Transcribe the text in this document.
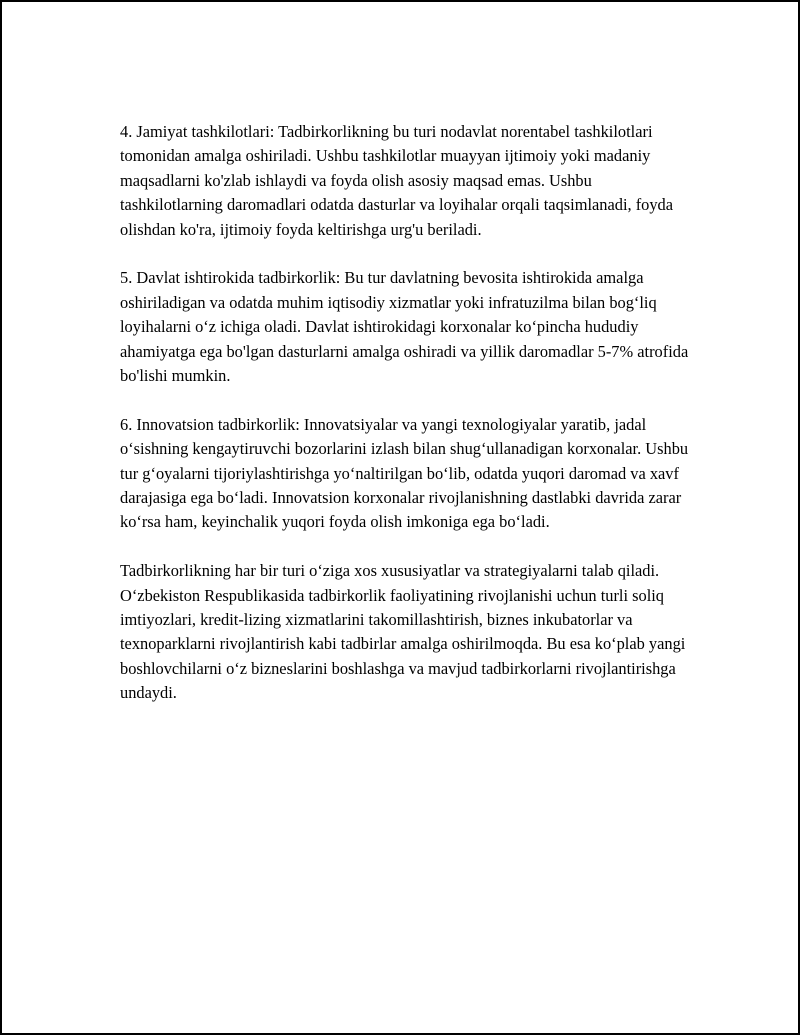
4. Jamiyat tashkilotlari: Tadbirkorlikning bu turi nodavlat norentabel tashkilotlari tomonidan amalga oshiriladi. Ushbu tashkilotlar muayyan ijtimoiy yoki madaniy maqsadlarni ko'zlab ishlaydi va foyda olish asosiy maqsad emas. Ushbu tashkilotlarning daromadlari odatda dasturlar va loyihalar orqali taqsimlanadi, foyda olishdan ko'ra, ijtimoiy foyda keltirishga urg'u beriladi.

5. Davlat ishtirokida tadbirkorlik: Bu tur davlatning bevosita ishtirokida amalga oshiriladigan va odatda muhim iqtisodiy xizmatlar yoki infratuzilma bilan bog‘liq loyihalarni o‘z ichiga oladi. Davlat ishtirokidagi korxonalar ko‘pincha hududiy ahamiyatga ega bo'lgan dasturlarni amalga oshiradi va yillik daromadlar 5-7% atrofida bo'lishi mumkin.

6. Innovatsion tadbirkorlik: Innovatsiyalar va yangi texnologiyalar yaratib, jadal o‘sishning kengaytiruvchi bozorlarini izlash bilan shug‘ullanadigan korxonalar. Ushbu tur g‘oyalarni tijoriylashtirishga yo‘naltirilgan bo‘lib, odatda yuqori daromad va xavf darajasiga ega bo‘ladi. Innovatsion korxonalar rivojlanishning dastlabki davrida zarar ko‘rsa ham, keyinchalik yuqori foyda olish imkoniga ega bo‘ladi.

Tadbirkorlikning har bir turi o‘ziga xos xususiyatlar va strategiyalarni talab qiladi. O‘zbekiston Respublikasida tadbirkorlik faoliyatining rivojlanishi uchun turli soliq imtiyozlari, kredit-lizing xizmatlarini takomillashtirish, biznes inkubatorlar va texnoparklarni rivojlantirish kabi tadbirlar amalga oshirilmoqda. Bu esa ko‘plab yangi boshlovchilarni o‘z bizneslarini boshlashga va mavjud tadbirkorlarni rivojlantirishga undaydi.
